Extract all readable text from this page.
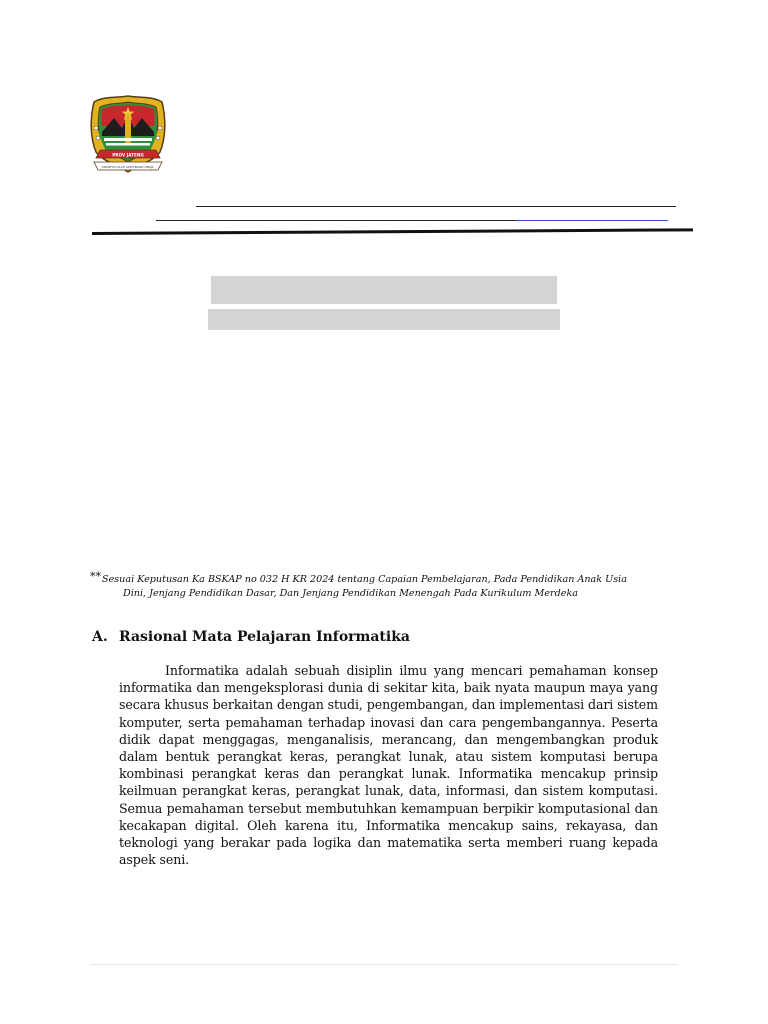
PROV JATENG
PRASETYA ULAH SAKTI BHAKTI PRAJA
**Sesuai Keputusan Ka BSKAP no 032 H KR 2024 tentang Capaian Pembelajaran, Pada Pendidikan Anak Usia
Dini, Jenjang Pendidikan Dasar, Dan Jenjang Pendidikan Menengah Pada Kurikulum Merdeka
A. Rasional Mata Pelajaran Informatika
Informatika adalah sebuah disiplin ilmu yang mencari pemahaman konsep informatika dan mengeksplorasi dunia di sekitar kita, baik nyata maupun maya yang secara khusus berkaitan dengan studi, pengembangan, dan implementasi dari sistem komputer, serta pemahaman terhadap inovasi dan cara pengembangannya. Peserta didik dapat menggagas, menganalisis, merancang, dan mengembangkan produk dalam bentuk perangkat keras, perangkat lunak, atau sistem komputasi berupa kombinasi perangkat keras dan perangkat lunak. Informatika mencakup prinsip keilmuan perangkat keras, perangkat lunak, data, informasi, dan sistem komputasi. Semua pemahaman tersebut membutuhkan kemampuan berpikir komputasional dan kecakapan digital. Oleh karena itu, Informatika mencakup sains, rekayasa, dan teknologi yang berakar pada logika dan matematika serta memberi ruang kepada aspek seni.
